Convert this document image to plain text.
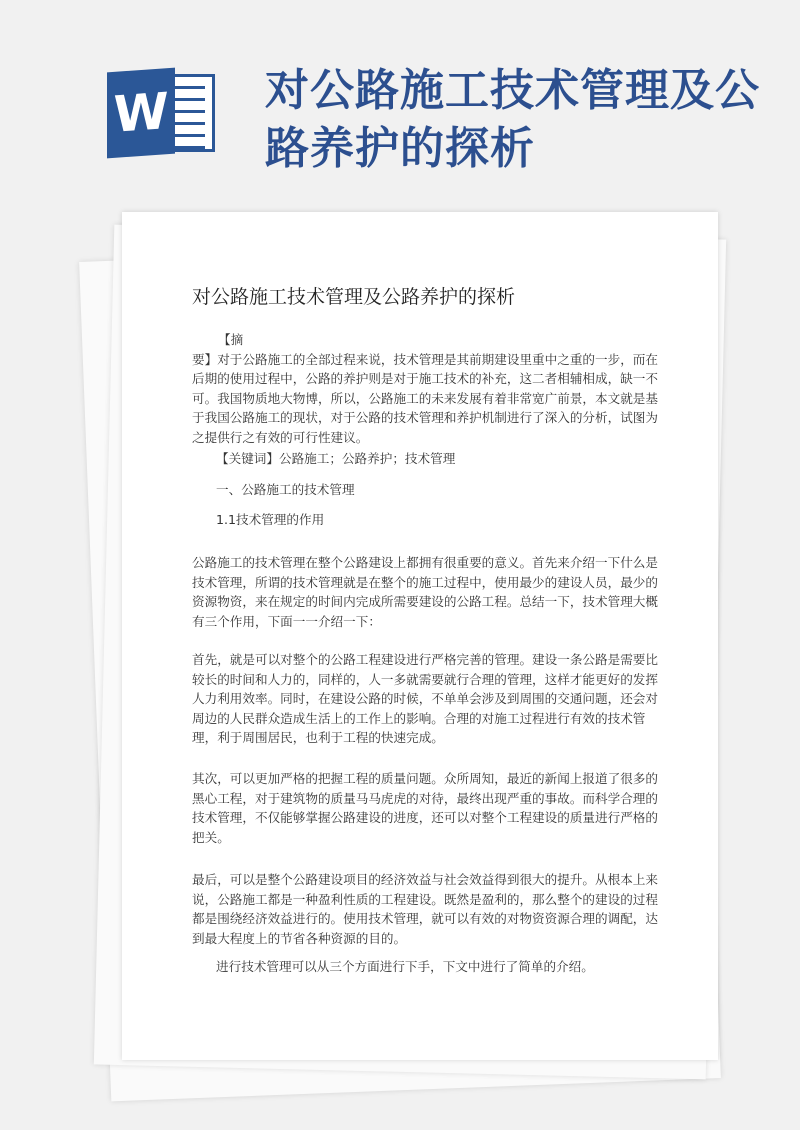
W 对公路施工技术管理及公路养护的探析
对公路施工技术管理及公路养护的探析

【摘
要】对于公路施工的全部过程来说，技术管理是其前期建设里重中之重的一步，而在后期的使用过程中，公路的养护则是对于施工技术的补充，这二者相辅相成，缺一不可。我国物质地大物博，所以，公路施工的未来发展有着非常宽广前景，本文就是基于我国公路施工的现状，对于公路的技术管理和养护机制进行了深入的分析，试图为之提供行之有效的可行性建议。

【关键词】公路施工；公路养护；技术管理

一、公路施工的技术管理

1.1技术管理的作用

公路施工的技术管理在整个公路建设上都拥有很重要的意义。首先来介绍一下什么是技术管理，所谓的技术管理就是在整个的施工过程中，使用最少的建设人员，最少的资源物资，来在规定的时间内完成所需要建设的公路工程。总结一下，技术管理大概有三个作用，下面一一介绍一下：

首先，就是可以对整个的公路工程建设进行严格完善的管理。建设一条公路是需要比较长的时间和人力的，同样的，人一多就需要就行合理的管理，这样才能更好的发挥人力利用效率。同时，在建设公路的时候，不单单会涉及到周围的交通问题，还会对周边的人民群众造成生活上的工作上的影响。合理的对施工过程进行有效的技术管理，利于周围居民，也利于工程的快速完成。

其次，可以更加严格的把握工程的质量问题。众所周知，最近的新闻上报道了很多的黑心工程，对于建筑物的质量马马虎虎的对待，最终出现严重的事故。而科学合理的技术管理，不仅能够掌握公路建设的进度，还可以对整个工程建设的质量进行严格的把关。

最后，可以是整个公路建设项目的经济效益与社会效益得到很大的提升。从根本上来说，公路施工都是一种盈利性质的工程建设。既然是盈利的，那么整个的建设的过程都是围绕经济效益进行的。使用技术管理，就可以有效的对物资资源合理的调配，达到最大程度上的节省各种资源的目的。

进行技术管理可以从三个方面进行下手，下文中进行了简单的介绍。
